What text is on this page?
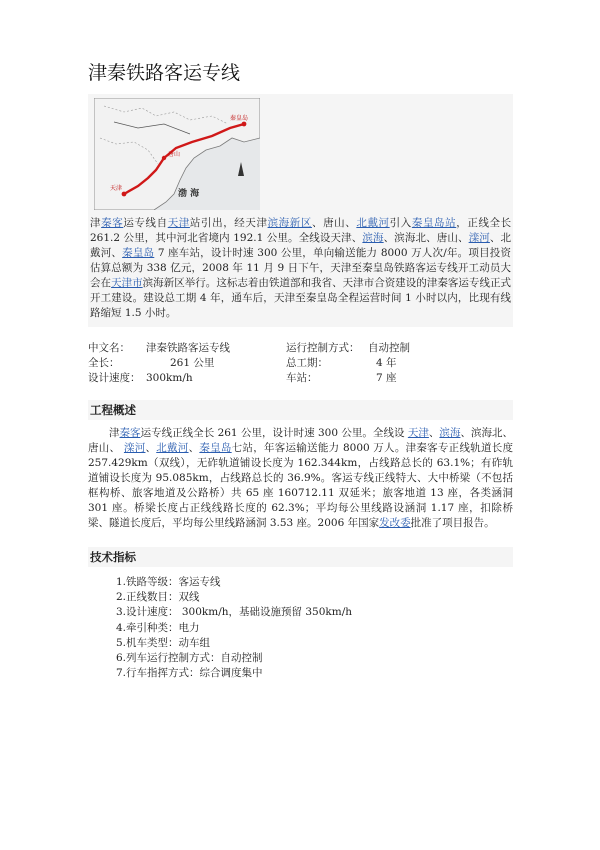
津秦铁路客运专线
秦皇岛
唐山
天津
渤 海
津秦客运专线自天津站引出，经天津滨海新区、唐山、北戴河引入秦皇岛站，正线全长 261.2 公里，其中河北省境内 192.1 公里。全线设天津、滨海、滨海北、唐山、滦河、北戴河、秦皇岛 7 座车站，设计时速 300 公里，单向输送能力 8000 万人次/年。项目投资估算总额为 338 亿元，2008 年 11 月 9 日下午，天津至秦皇岛铁路客运专线开工动员大会在天津市滨海新区举行。这标志着由铁道部和我省、天津市合资建设的津秦客运专线正式开工建设。建设总工期 4 年，通车后，天津至秦皇岛全程运营时间 1 小时以内，比现有线路缩短 1.5 小时。
中文名：	津秦铁路客运专线	运行控制方式：	自动控制
全长：	261 公里	总工期：	4 年
设计速度：	300km/h	车站：	7 座
工程概述

津秦客运专线正线全长 261 公里，设计时速 300 公里。全线设 天津、滨海、滨海北、唐山、 滦河、北戴河、秦皇岛七站，年客运输送能力 8000 万人。津秦客专正线轨道长度 257.429km（双线），无砟轨道铺设长度为 162.344km，占线路总长的 63.1%；有砟轨道铺设长度为 95.085km，占线路总长的 36.9%。客运专线正线特大、大中桥梁（不包括框构桥、旅客地道及公路桥）共 65 座 160712.11 双延米；旅客地道 13 座，各类涵洞 301 座。桥梁长度占正线线路长度的 62.3%；平均每公里线路设涵洞 1.17 座，扣除桥梁、隧道长度后，平均每公里线路涵洞 3.53 座。2006 年国家发改委批准了项目报告。

技术指标
1.铁路等级：客运专线
2.正线数目：双线
3.设计速度： 300km/h，基础设施预留 350km/h
4.牵引种类：电力
5.机车类型：动车组
6.列车运行控制方式：自动控制
7.行车指挥方式：综合调度集中
